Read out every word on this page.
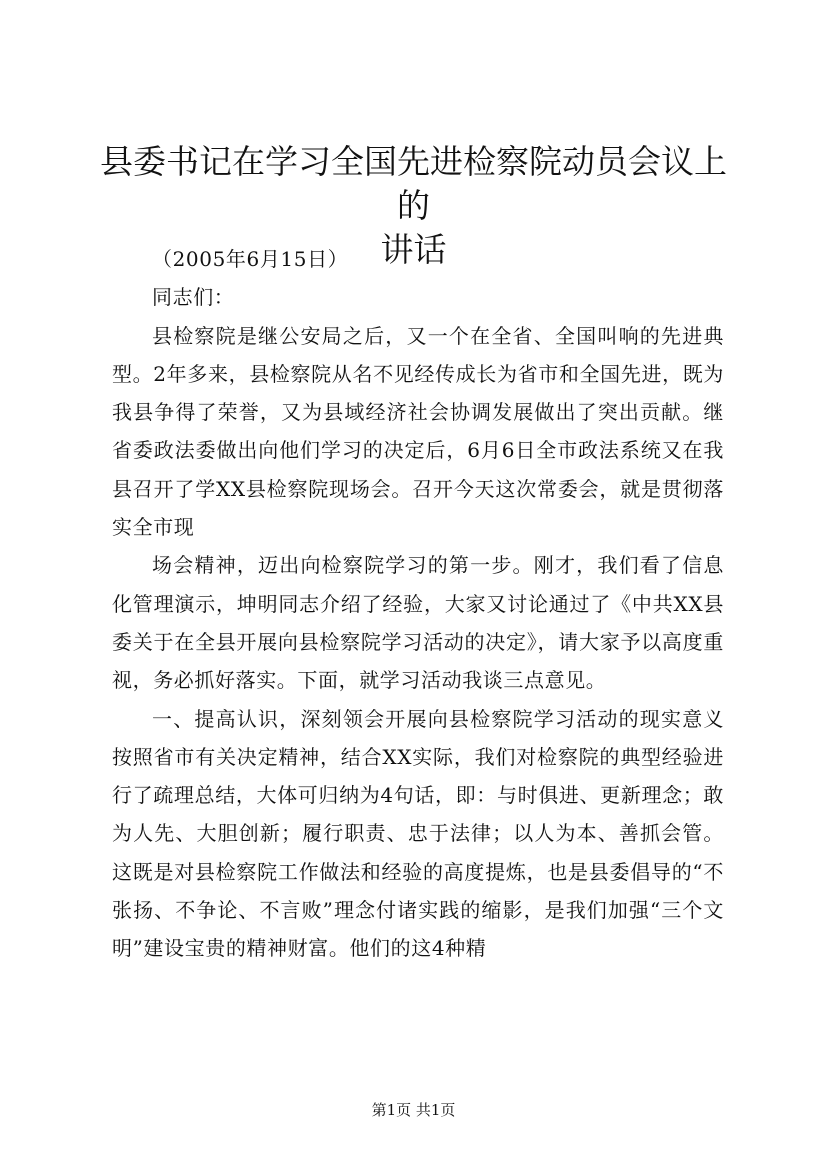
县委书记在学习全国先进检察院动员会议上的
讲话

（2005年6月15日）

同志们：

县检察院是继公安局之后，又一个在全省、全国叫响的先进典型。2年多来，县检察院从名不见经传成长为省市和全国先进，既为我县争得了荣誉，又为县域经济社会协调发展做出了突出贡献。继省委政法委做出向他们学习的决定后，6月6日全市政法系统又在我县召开了学XX县检察院现场会。召开今天这次常委会，就是贯彻落实全市现

场会精神，迈出向检察院学习的第一步。刚才，我们看了信息化管理演示，坤明同志介绍了经验，大家又讨论通过了《中共XX县委关于在全县开展向县检察院学习活动的决定》，请大家予以高度重视，务必抓好落实。下面，就学习活动我谈三点意见。

一、提高认识，深刻领会开展向县检察院学习活动的现实意义按照省市有关决定精神，结合XX实际，我们对检察院的典型经验进行了疏理总结，大体可归纳为4句话，即：与时俱进、更新理念；敢为人先、大胆创新；履行职责、忠于法律；以人为本、善抓会管。这既是对县检察院工作做法和经验的高度提炼，也是县委倡导的“不张扬、不争论、不言败”理念付诸实践的缩影，是我们加强“三个文明”建设宝贵的精神财富。他们的这4种精

第1页 共1页
